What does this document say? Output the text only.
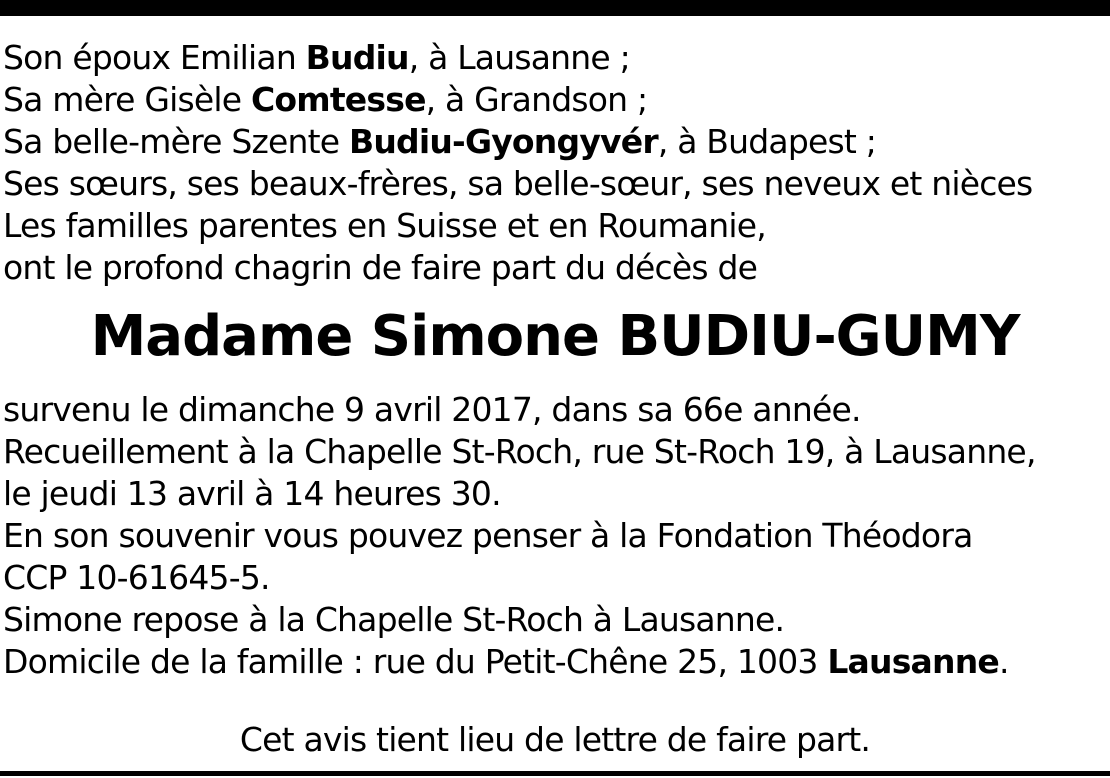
Son époux Emilian Budiu, à Lausanne ;
Sa mère Gisèle Comtesse, à Grandson ;
Sa belle-mère Szente Budiu-Gyongyvér, à Budapest ;
Ses sœurs, ses beaux-frères, sa belle-sœur, ses neveux et nièces
Les familles parentes en Suisse et en Roumanie,
ont le profond chagrin de faire part du décès de
Madame Simone BUDIU-GUMY
survenu le dimanche 9 avril 2017, dans sa 66e année.
Recueillement à la Chapelle St-Roch, rue St-Roch 19, à Lausanne,
le jeudi 13 avril à 14 heures 30.
En son souvenir vous pouvez penser à la Fondation Théodora
CCP 10-61645-5.
Simone repose à la Chapelle St-Roch à Lausanne.
Domicile de la famille : rue du Petit-Chêne 25, 1003 Lausanne.
Cet avis tient lieu de lettre de faire part.
